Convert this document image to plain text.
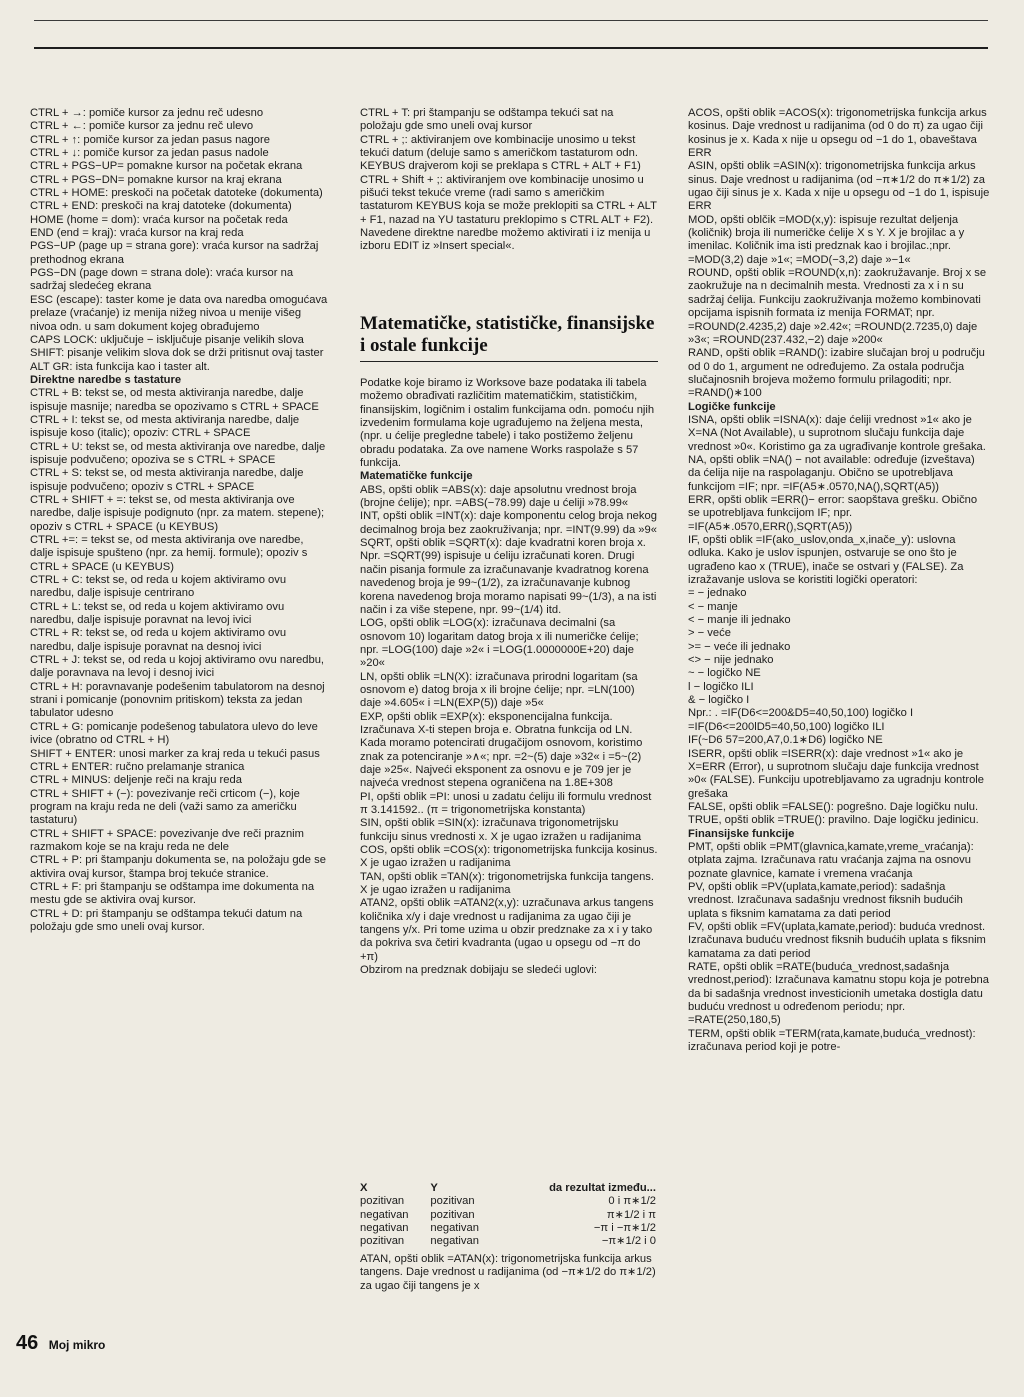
CTRL + →: pomiče kursor za jednu reč udesno
CTRL + ←: pomiče kursor za jednu reč ulevo
CTRL + ↑: pomiče kursor za jedan pasus nagore
CTRL + ↓: pomiče kursor za jedan pasus nadole
CTRL + PGS−UP= pomakne kursor na početak ekrana
CTRL + PGS−DN= pomakne kursor na kraj ekrana
CTRL + HOME: preskoči na početak datoteke (dokumenta)
CTRL + END: preskoči na kraj datoteke (dokumenta)
HOME (home = dom): vraća kursor na početak reda
END (end = kraj): vraća kursor na kraj reda
PGS−UP (page up = strana gore): vraća kursor na sadržaj prethodnog ekrana
PGS−DN (page down = strana dole): vraća kursor na sadržaj sledećeg ekrana
ESC (escape): taster kome je data ova naredba omogućava prelaze (vraćanje) iz menija nižeg nivoa u menije višeg nivoa odn. u sam dokument kojeg obrađujemo
CAPS LOCK: uključuje − isključuje pisanje velikih slova
SHIFT: pisanje velikim slova dok se drži pritisnut ovaj taster
ALT GR: ista funkcija kao i taster alt.
Direktne naredbe s tastature
CTRL + B: tekst se, od mesta aktiviranja naredbe, dalje ispisuje masnije; naredba se opozivamo s CTRL + SPACE
CTRL + I: tekst se, od mesta aktiviranja naredbe, dalje ispisuje koso (italic); opoziv: CTRL + SPACE
CTRL + U: tekst se, od mesta aktiviranja ove naredbe, dalje ispisuje podvučeno; opoziva se s CTRL + SPACE
CTRL + S: tekst se, od mesta aktiviranja naredbe, dalje ispisuje podvučeno; opoziv s CTRL + SPACE
CTRL + SHIFT + =: tekst se, od mesta aktiviranja ove naredbe, dalje ispisuje podignuto (npr. za matem. stepene); opoziv s CTRL + SPACE (u KEYBUS)
CTRL +=: = tekst se, od mesta aktiviranja ove naredbe, dalje ispisuje spušteno (npr. za hemij. formule); opoziv s CTRL + SPACE (u KEYBUS)
CTRL + C: tekst se, od reda u kojem aktiviramo ovu naredbu, dalje ispisuje centrirano
CTRL + L: tekst se, od reda u kojem aktiviramo ovu naredbu, dalje ispisuje poravnat na levoj ivici
CTRL + R: tekst se, od reda u kojem aktiviramo ovu naredbu, dalje ispisuje poravnat na desnoj ivici
CTRL + J: tekst se, od reda u kojoj aktiviramo ovu naredbu, dalje poravnava na levoj i desnoj ivici
CTRL + H: poravnavanje podešenim tabulatorom na desnoj strani i pomicanje (ponovnim pritiskom) teksta za jedan tabulator udesno
CTRL + G: pomicanje podešenog tabulatora ulevo do leve ivice (obratno od CTRL + H)
SHIFT + ENTER: unosi marker za kraj reda u tekući pasus
CTRL + ENTER: ručno prelamanje stranica
CTRL + MINUS: deljenje reči na kraju reda
CTRL + SHIFT + (−): povezivanje reči crticom (−), koje program na kraju reda ne deli (važi samo za američku tastaturu)
CTRL + SHIFT + SPACE: povezivanje dve reči praznim razmakom koje se na kraju reda ne dele
CTRL + P: pri štampanju dokumenta se, na položaju gde se aktivira ovaj kursor, štampa broj tekuće stranice.
CTRL + F: pri štampanju se odštampa ime dokumenta na mestu gde se aktivira ovaj kursor.
CTRL + D: pri štampanju se odštampa tekući datum na položaju gde smo uneli ovaj kursor.
CTRL + T: pri štampanju se odštampa tekući sat na položaju gde smo uneli ovaj kursor
CTRL + ;: aktiviranjem ove kombinacije unosimo u tekst tekući datum (deluje samo s američkom tastaturom odn. KEYBUS drajverom koji se preklapa s CTRL + ALT + F1)
CTRL + Shift + ;: aktiviranjem ove kombinacije unosimo u pišući tekst tekuće vreme (radi samo s američkim tastaturom KEYBUS koja se može preklopiti sa CTRL + ALT + F1, nazad na YU tastaturu preklopimo s CTRL ALT + F2).
Navedene direktne naredbe možemo aktivirati i iz menija u izboru EDIT iz »Insert special«.
Matematičke, statističke, finansijske i ostale funkcije
Podatke koje biramo iz Worksove baze podataka ili tabela možemo obrađivati različitim matematičkim, statističkim, finansijskim, logičnim i ostalim funkcijama odn. pomoću njih izvedenim formulama koje ugrađujemo na željena mesta, (npr. u ćelije pregledne tabele) i tako postižemo željenu obradu podataka. Za ove namene Works raspolaže s 57 funkcija.
Matematičke funkcije
ABS, opšti oblik =ABS(x): daje apsolutnu vrednost broja (brojne ćelije); npr. =ABS(−78.99) daje u ćeliji »78.99«
INT, opšti oblik =INT(x): daje komponentu celog broja nekog decimalnog broja bez zaokruživanja; npr. =INT(9.99) da »9«
SQRT, opšti oblik =SQRT(x): daje kvadratni koren broja x. Npr. =SQRT(99) ispisuje u ćeliju izračunati koren. Drugi način pisanja formule za izračunavanje kvadratnog korena navedenog broja je 99~(1/2), za izračunavanje kubnog korena navedenog broja moramo napisati 99~(1/3), a na isti način i za više stepene, npr. 99~(1/4) itd.
LOG, opšti oblik =LOG(x): izračunava decimalni (sa osnovom 10) logaritam datog broja x ili numeričke ćelije; npr. =LOG(100) daje »2« i =LOG(1.0000000E+20) daje »20«
LN, opšti oblik =LN(X): izračunava prirodni logaritam (sa osnovom e) datog broja x ili brojne ćelije; npr. =LN(100) daje »4.605« i =LN(EXP(5)) daje »5«
EXP, opšti oblik =EXP(x): eksponencijalna funkcija. Izračunava X-ti stepen broja e. Obratna funkcija od LN. Kada moramo potencirati drugačijom osnovom, koristimo znak za potenciranje »∧«; npr. =2~(5) daje »32« i =5~(2) daje »25«. Najveći eksponent za osnovu e je 709 jer je najveća vrednost stepena ograničena na 1.8E+308
PI, opšti oblik =PI: unosi u zadatu ćeliju ili formulu vrednost π 3.141592.. (π = trigonometrijska konstanta)
SIN, opšti oblik =SIN(x): izračunava trigonometrijsku funkciju sinus vrednosti x. X je ugao izražen u radijanima
COS, opšti oblik =COS(x): trigonometrijska funkcija kosinus. X je ugao izražen u radijanima
TAN, opšti oblik =TAN(x): trigonometrijska funkcija tangens. X je ugao izražen u radijanima
ATAN2, opšti oblik =ATAN2(x,y): uzračunava arkus tangens količnika x/y i daje vrednost u radijanima za ugao čiji je tangens y/x. Pri tome uzima u obzir predznake za x i y tako da pokriva sva četiri kvadranta (ugao u opsegu od −π do +π)
Obzirom na predznak dobijaju se sledeći uglovi:
X	Y	da rezultat između...
pozitivan	pozitivan	0 i π∗1/2
negativan	pozitivan	π∗1/2 i π
negativan	negativan	−π i −π∗1/2
pozitivan	negativan	−π∗1/2 i 0
ATAN, opšti oblik =ATAN(x): trigonometrijska funkcija arkus tangens. Daje vrednost u radijanima (od −π∗1/2 do π∗1/2) za ugao čiji tangens je x
ACOS, opšti oblik =ACOS(x): trigonometrijska funkcija arkus kosinus. Daje vrednost u radijanima (od 0 do π) za ugao čiji kosinus je x. Kada x nije u opsegu od −1 do 1, obaveštava ERR
ASIN, opšti oblik =ASIN(x): trigonometrijska funkcija arkus sinus. Daje vrednost u radijanima (od −π∗1/2 do π∗1/2) za ugao čiji sinus je x. Kada x nije u opsegu od −1 do 1, ispisuje ERR
MOD, opšti oblčik =MOD(x,y): ispisuje rezultat deljenja (količnik) broja ili numeričke ćelije X s Y. X je brojilac a y imenilac. Količnik ima isti predznak kao i brojilac.;npr. =MOD(3,2) daje »1«; =MOD(−3,2) daje »−1«
ROUND, opšti oblik =ROUND(x,n): zaokružavanje. Broj x se zaokružuje na n decimalnih mesta. Vrednosti za x i n su sadržaj ćelija. Funkciju zaokruživanja možemo kombinovati opcijama ispisnih formata iz menija FORMAT; npr. =ROUND(2.4235,2) daje »2.42«; =ROUND(2.7235,0) daje »3«; =ROUND(237.432,−2) daje »200«
RAND, opšti oblik =RAND(): izabire slučajan broj u području od 0 do 1, argument ne određujemo. Za ostala područja slučajnosnih brojeva možemo formulu prilagoditi; npr. =RAND()∗100
Logičke funkcije
ISNA, opšti oblik =ISNA(x): daje ćeliji vrednost »1« ako je X=NA (Not Available), u suprotnom slučaju funkcija daje vrednost »0«. Koristimo ga za ugrađivanje kontrole grešaka.
NA, opšti oblik =NA() − not available: određuje (izveštava) da ćelija nije na raspolaganju. Obično se upotrebljava funkcijom =IF; npr. =IF(A5∗.0570,NA(),SQRT(A5))
ERR, opšti oblik =ERR()− error: saopštava grešku. Obično se upotrebljava funkcijom IF; npr. =IF(A5∗.0570,ERR(),SQRT(A5))
IF, opšti oblik =IF(ako_uslov,onda_x,inače_y): uslovna odluka. Kako je uslov ispunjen, ostvaruje se ono što je ugrađeno kao x (TRUE), inače se ostvari y (FALSE). Za izražavanje uslova se koristiti logički operatori:
= − jednako
< − manje
< − manje ili jednako
> − veće
>= − veće ili jednako
<> − nije jednako
~ − logičko NE
l − logičko ILI
& − logičko I
Npr.: . =IF(D6<=200&D5=40,50,100) logičko I
=IF(D6<=200lD5=40,50,100) logičko ILI
IF(~D6 57=200,A7,0.1∗D6) logičko NE
ISERR, opšti oblik =ISERR(x): daje vrednost »1« ako je X=ERR (Error), u suprotnom slučaju daje funkcija vrednost »0« (FALSE). Funkciju upotrebljavamo za ugradnju kontrole grešaka
FALSE, opšti oblik =FALSE(): pogrešno. Daje logičku nulu.
TRUE, opšti oblik =TRUE(): pravilno. Daje logičku jedinicu.
Finansijske funkcije
PMT, opšti oblik =PMT(glavnica,kamate,vreme_vraćanja): otplata zajma. Izračunava ratu vraćanja zajma na osnovu poznate glavnice, kamate i vremena vraćanja
PV, opšti oblik =PV(uplata,kamate,period): sadašnja vrednost. Izračunava sadašnju vrednost fiksnih budućih uplata s fiksnim kamatama za dati period
FV, opšti oblik =FV(uplata,kamate,period): buduća vrednost. Izračunava buduću vrednost fiksnih budućih uplata s fiksnim kamatama za dati period
RATE, opšti oblik =RATE(buduća_vrednost,sadašnja vrednost,period): Izračunava kamatnu stopu koja je potrebna da bi sadašnja vrednost investicionih umetaka dostigla datu buduću vrednost u određenom periodu; npr. =RATE(250,180,5)
TERM, opšti oblik =TERM(rata,kamate,buduća_vrednost): izračunava period koji je potre-
46 Moj mikro
